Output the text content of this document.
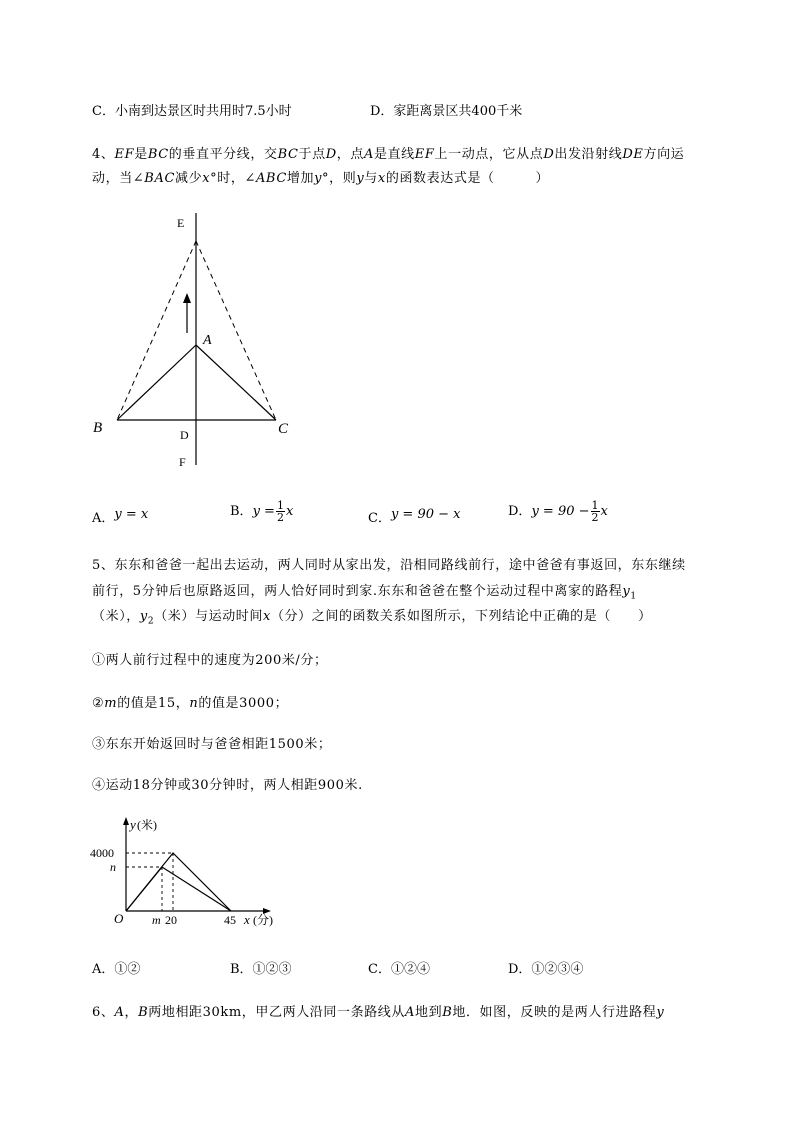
C．小南到达景区时共用时7.5小时	D．家距离景区共400千米
4、EF是BC的垂直平分线，交BC于点D，点A是直线EF上一动点，它从点D出发沿射线DE方向运
动，当∠BAC减少x°时，∠ABC增加y°，则y与x的函数表达式是（　　　）
E
A
B	C
D
F
A．y = x	B．$y = \frac{1}{2}$ x	C．y = 90 − x	D．$y = 90 - \frac{1}{2}$ x
5、东东和爸爸一起出去运动，两人同时从家出发，沿相同路线前行，途中爸爸有事返回，东东继续
前行，5分钟后也原路返回，两人恰好同时到家.东东和爸爸在整个运动过程中离家的路程$y_1$
（米），$y_2$（米）与运动时间x（分）之间的函数关系如图所示，下列结论中正确的是（　　）
①两人前行过程中的速度为200米/分；
②m的值是15，n的值是3000；
③东东开始返回时与爸爸相距1500米；
④运动18分钟或30分钟时，两人相距900米.
y (米)
4000
n
O m 20	45 x (分)
A．①②	B．①②③	C．①②④	D．①②③④
6、A，B两地相距30km，甲乙两人沿同一条路线从A地到B地．如图，反映的是两人行进路程y
